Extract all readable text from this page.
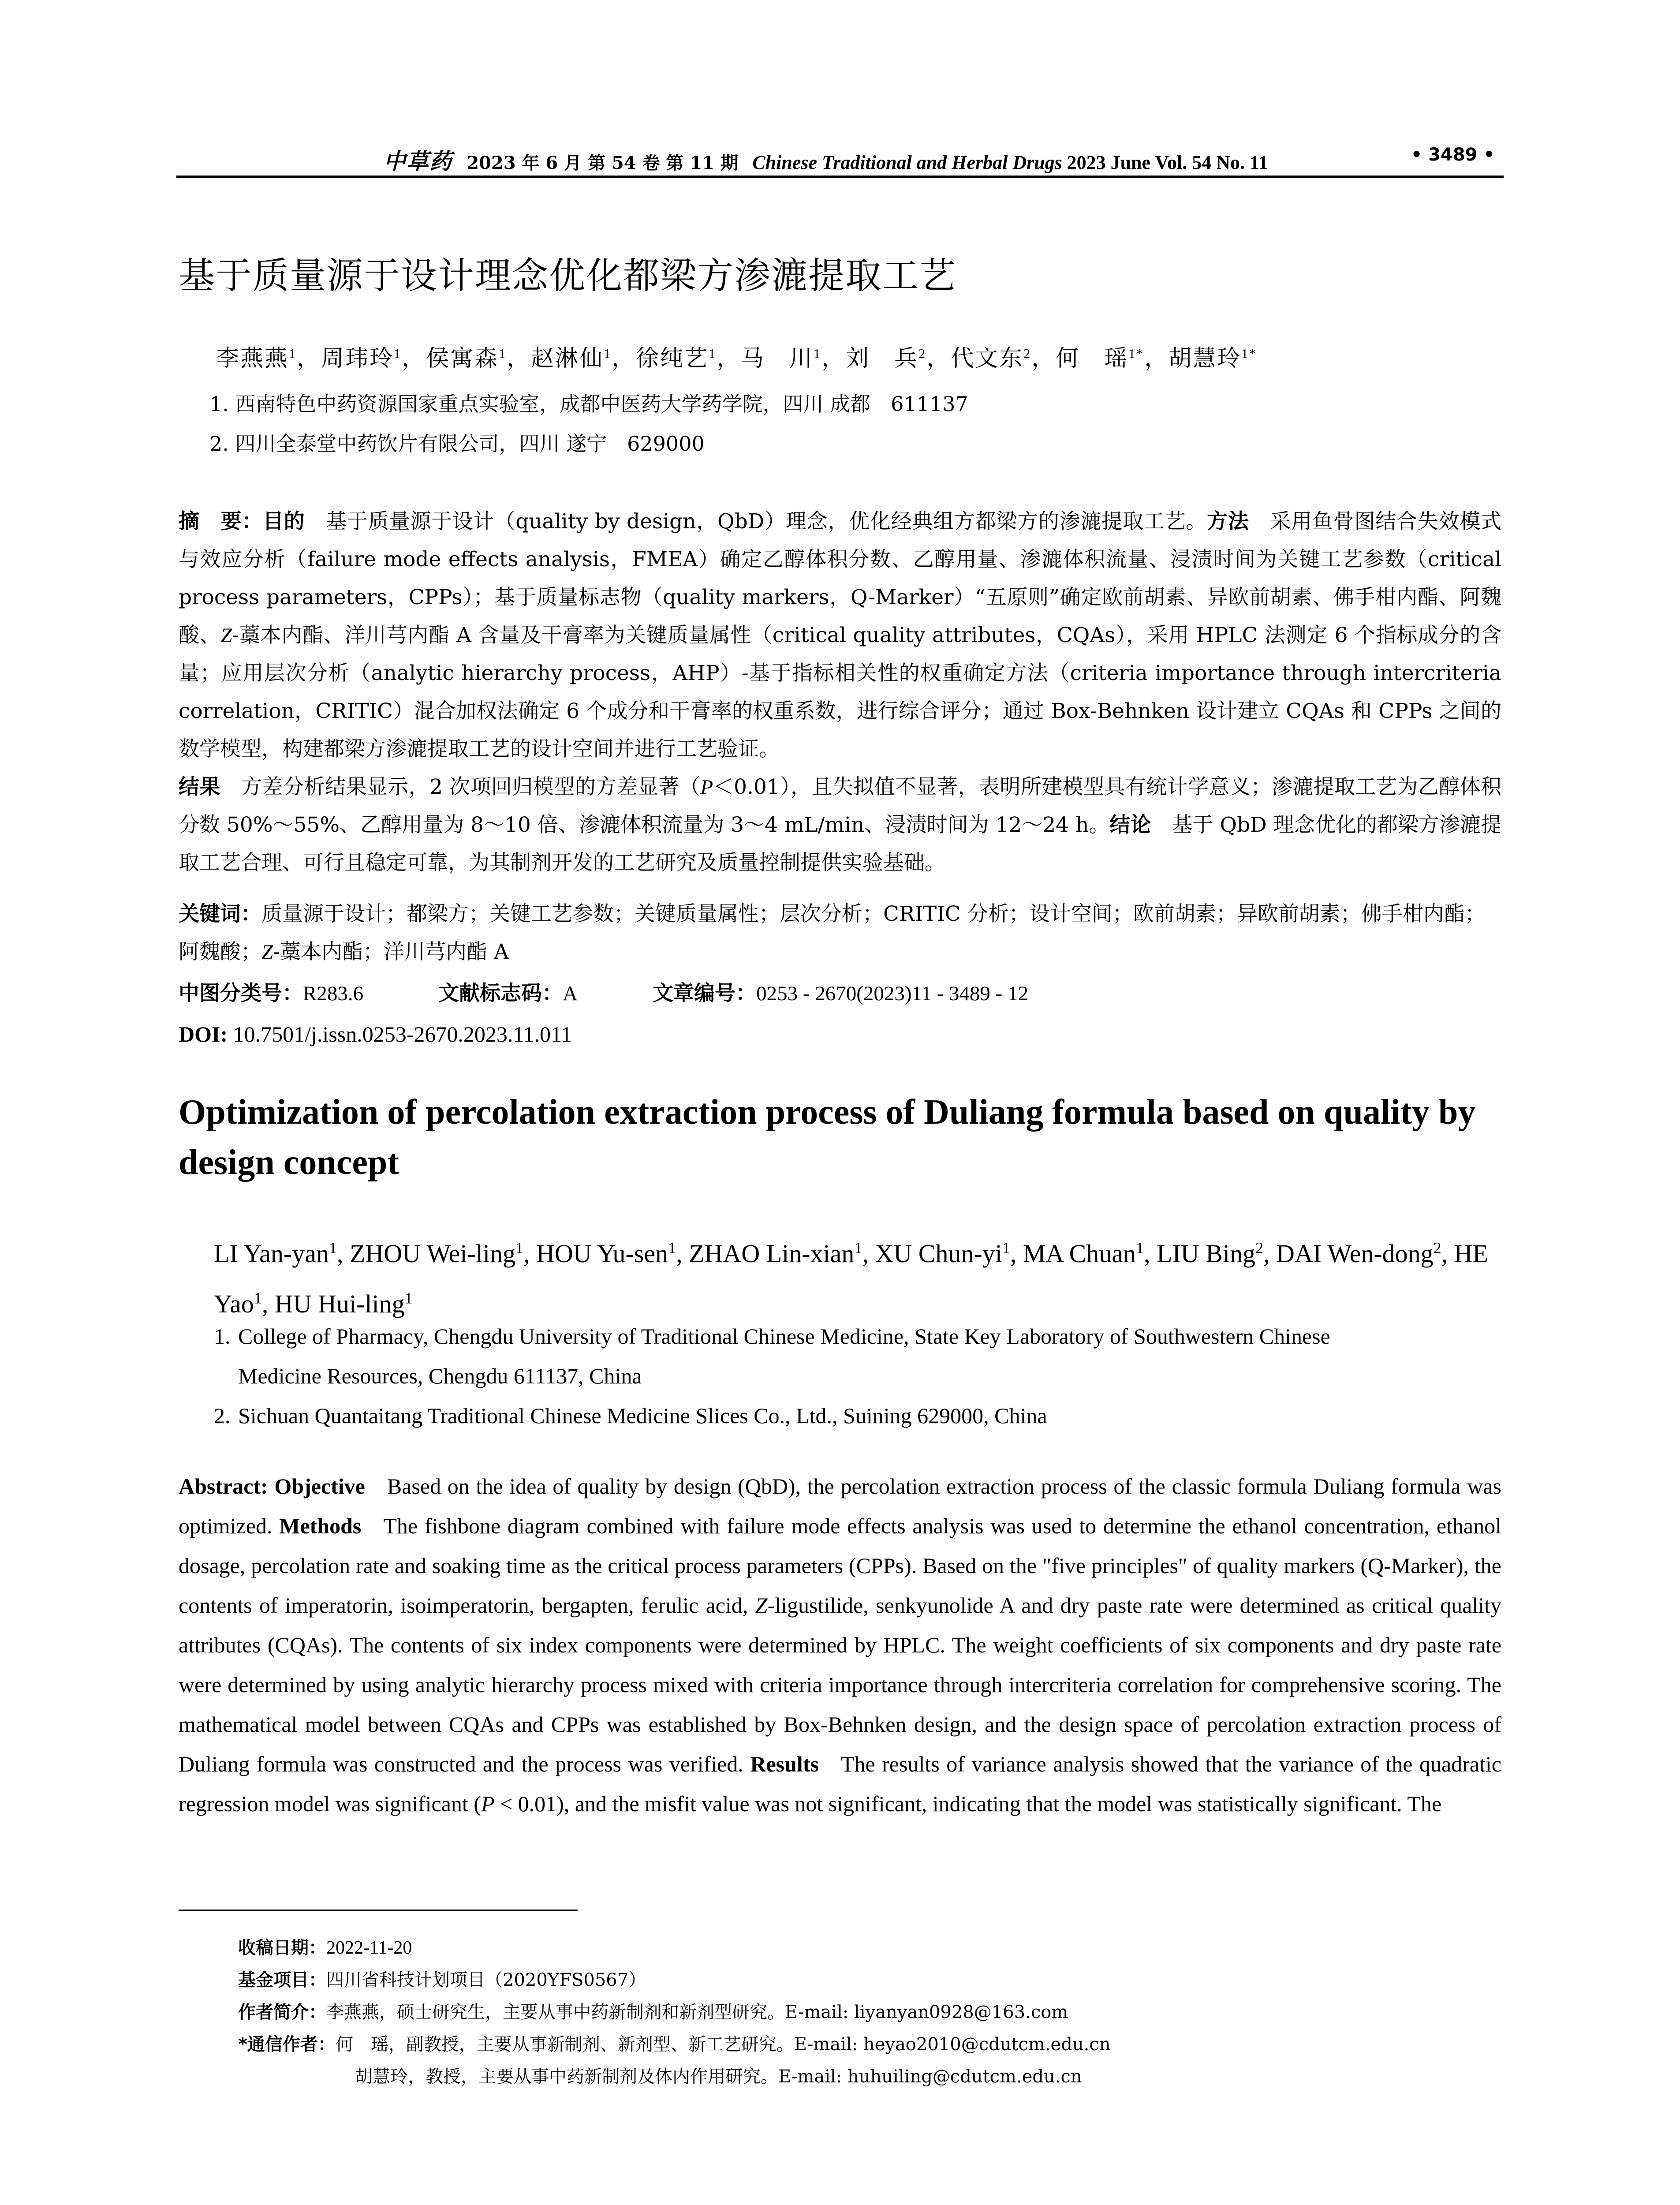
中草药 2023 年 6 月 第 54 卷 第 11 期 Chinese Traditional and Herbal Drugs 2023 June Vol. 54 No. 11	• 3489 •
基于质量源于设计理念优化都梁方渗漉提取工艺
李燕燕$^1$，周玮玲$^1$，侯寓森$^1$，赵淋仙$^1$，徐纯艺$^1$，马　川$^1$，刘　兵$^2$，代文东$^2$，何　瑶$^{1*}$，胡慧玲$^{1*}$
1. 西南特色中药资源国家重点实验室，成都中医药大学药学院，四川 成都　611137
2. 四川全泰堂中药饮片有限公司，四川 遂宁　629000
摘　要：目的  基于质量源于设计（quality by design，QbD）理念，优化经典组方都梁方的渗漉提取工艺。方法  采用鱼骨图结合失效模式与效应分析（failure mode effects analysis，FMEA）确定乙醇体积分数、乙醇用量、渗漉体积流量、浸渍时间为关键工艺参数（critical process parameters，CPPs）；基于质量标志物（quality markers，Q-Marker）“五原则”确定欧前胡素、异欧前胡素、佛手柑内酯、阿魏酸、Z-藁本内酯、洋川芎内酯 A 含量及干膏率为关键质量属性（critical quality attributes，CQAs），采用 HPLC 法测定 6 个指标成分的含量；应用层次分析（analytic hierarchy process，AHP）-基于指标相关性的权重确定方法（criteria importance through intercriteria correlation，CRITIC）混合加权法确定 6 个成分和干膏率的权重系数，进行综合评分；通过 Box-Behnken 设计建立 CQAs 和 CPPs 之间的数学模型，构建都梁方渗漉提取工艺的设计空间并进行工艺验证。
结果  方差分析结果显示，2 次项回归模型的方差显著（P＜0.01），且失拟值不显著，表明所建模型具有统计学意义；渗漉提取工艺为乙醇体积分数 50%～55%、乙醇用量为 8～10 倍、渗漉体积流量为 3～4 mL/min、浸渍时间为 12～24 h。结论  基于 QbD 理念优化的都梁方渗漉提取工艺合理、可行且稳定可靠，为其制剂开发的工艺研究及质量控制提供实验基础。
关键词：质量源于设计；都梁方；关键工艺参数；关键质量属性；层次分析；CRITIC 分析；设计空间；欧前胡素；异欧前胡素；佛手柑内酯；阿魏酸；Z-藁本内酯；洋川芎内酯 A
中图分类号：R283.6	文献标志码：A	文章编号：0253 - 2670(2023)11 - 3489 - 12
DOI: 10.7501/j.issn.0253-2670.2023.11.011
Optimization of percolation extraction process of Duliang formula based on quality by design concept
LI Yan-yan$^1$, ZHOU Wei-ling$^1$, HOU Yu-sen$^1$, ZHAO Lin-xian$^1$, XU Chun-$yi^1$, MA Chuan$^1$, LIU Bing$^2$, DAI Wen-dong$^2$, HE Yao$^1$, HU Hui-ling$^1$
1. College of Pharmacy, Chengdu University of Traditional Chinese Medicine, State Key Laboratory of Southwestern Chinese
Medicine Resources, Chengdu 611137, China
2. Sichuan Quantaitang Traditional Chinese Medicine Slices Co., Ltd., Suining 629000, China
Abstract: Objective  Based on the idea of quality by design (QbD), the percolation extraction process of the classic formula Duliang formula was optimized. Methods  The fishbone diagram combined with failure mode effects analysis was used to determine the ethanol concentration, ethanol dosage, percolation rate and soaking time as the critical process parameters (CPPs). Based on the "five principles" of quality markers (Q-Marker), the contents of imperatorin, isoimperatorin, bergapten, ferulic acid, Z-ligustilide, senkyunolide A and dry paste rate were determined as critical quality attributes (CQAs). The contents of six index components were determined by HPLC. The weight coefficients of six components and dry paste rate were determined by using analytic hierarchy process mixed with criteria importance through intercriteria correlation for comprehensive scoring. The mathematical model between CQAs and CPPs was established by Box-Behnken design, and the design space of percolation extraction process of Duliang formula was constructed and the process was verified. Results  The results of variance analysis showed that the variance of the quadratic regression model was significant (P < 0.01), and the misfit value was not significant, indicating that the model was statistically significant. The
收稿日期：2022-11-20
基金项目：四川省科技计划项目（2020YFS0567）
作者简介：李燕燕，硕士研究生，主要从事中药新制剂和新剂型研究。E-mail: liyanyan0928@163.com
*通信作者：何　瑶，副教授，主要从事新制剂、新剂型、新工艺研究。E-mail: heyao2010@cdutcm.edu.cn
胡慧玲，教授，主要从事中药新制剂及体内作用研究。E-mail: huhuiling@cdutcm.edu.cn
